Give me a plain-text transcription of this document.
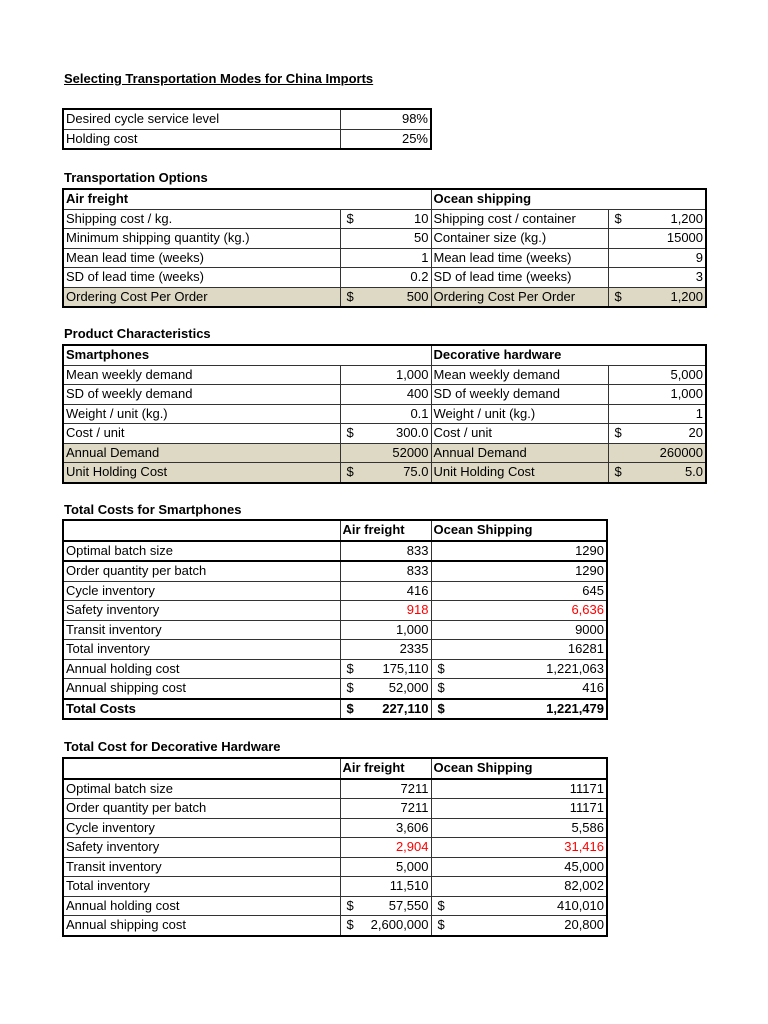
Selecting Transportation Modes for China Imports
Desired cycle service level	98%
Holding cost	25%
Transportation Options
Air freight		Ocean shipping	
Shipping cost / kg.	$ 10	Shipping cost / container	$ 1,200
Minimum shipping quantity (kg.)	50	Container size (kg.)	15000
Mean lead time (weeks)	1	Mean lead time (weeks)	9
SD of lead time (weeks)	0.2	SD of lead time (weeks)	3
Ordering Cost Per Order	$ 500	Ordering Cost Per Order	$ 1,200
Product Characteristics
Smartphones		Decorative hardware	
Mean weekly demand	1,000	Mean weekly demand	5,000
SD of weekly demand	400	SD of weekly demand	1,000
Weight / unit (kg.)	0.1	Weight / unit (kg.)	1
Cost / unit	$ 300.0	Cost / unit	$ 20
Annual Demand	52000	Annual Demand	260000
Unit Holding Cost	$ 75.0	Unit Holding Cost	$ 5.0
Total Costs for Smartphones
	Air freight	Ocean Shipping
Optimal batch size	833	1290
Order quantity per batch	833	1290
Cycle inventory	416	645
Safety inventory	918	6,636
Transit inventory	1,000	9000
Total inventory	2335	16281
Annual holding cost	$ 175,110	$ 1,221,063
Annual shipping cost	$ 52,000	$ 416
Total Costs	$ 227,110	$ 1,221,479
Total Cost for Decorative Hardware
	Air freight	Ocean Shipping
Optimal batch size	7211	11171
Order quantity per batch	7211	11171
Cycle inventory	3,606	5,586
Safety inventory	2,904	31,416
Transit inventory	5,000	45,000
Total inventory	11,510	82,002
Annual holding cost	$ 57,550	$ 410,010
Annual shipping cost	$ 2,600,000	$ 20,800
